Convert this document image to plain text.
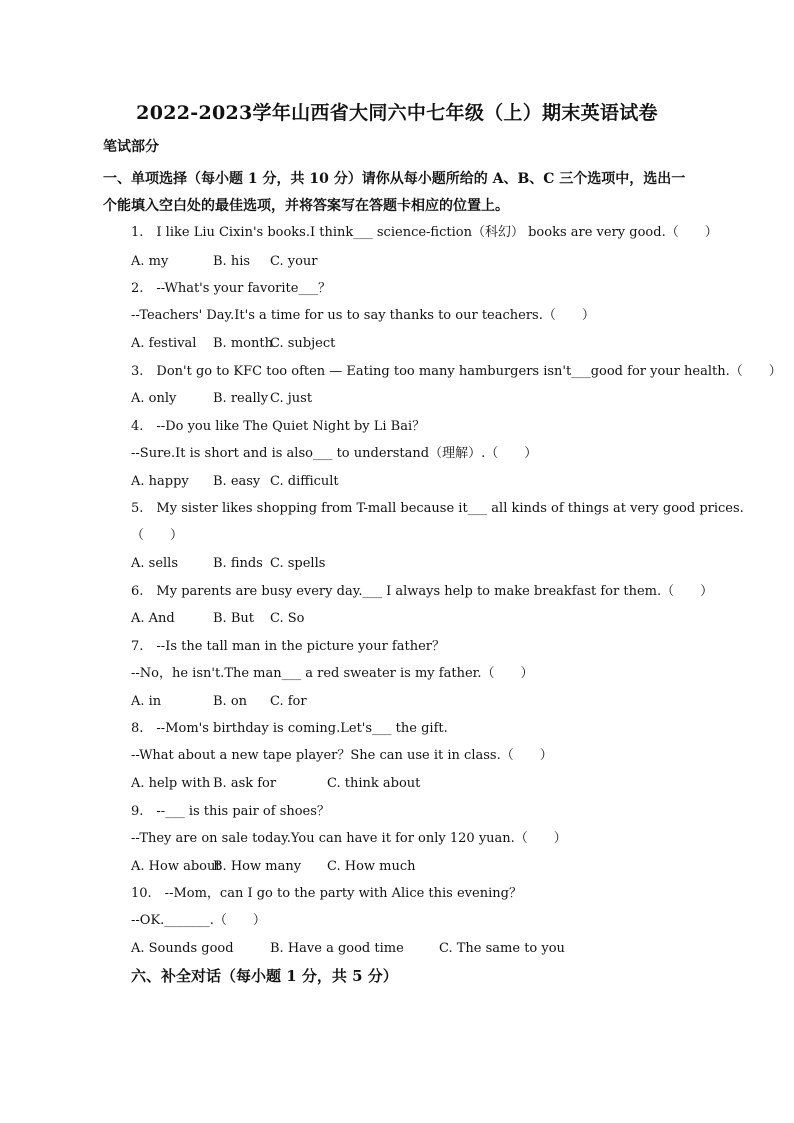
2022-2023学年山西省大同六中七年级（上）期末英语试卷
笔试部分
一、单项选择（每小题 1 分，共 10 分）请你从每小题所给的 A、B、C 三个选项中，选出一
个能填入空白处的最佳选项，并将答案写在答题卡相应的位置上。
1.　I like Liu Cixin's books.I think___ science-fiction（科幻） books are very good.（　　）
A. my	B. his C. your
2.　--What's your favorite___？
--Teachers' Day.It's a time for us to say thanks to our teachers.（　　）
A. festival B. month
C. subject
3.　Don't go to KFC too often — Eating too many hamburgers isn't___good for your health.（　　）
A. only	B. really C. just
4.　--Do you like The Quiet Night by Li Bai？
--Sure.It is short and is also___ to understand（理解）.（　　）
A. happy B. easy C. difficult
5.　My sister likes shopping from T-mall because it___ all kinds of things at very good prices.
（　　）
A. sells	B. finds C. spells
6.　My parents are busy every day.___ I always help to make breakfast for them.（　　）
A. And	B. But C. So
7.　--Is the tall man in the picture your father？
--No，he isn't.The man___ a red sweater is my father.（　　）
A. in	B. on C. for
8.　--Mom's birthday is coming.Let's___ the gift.
--What about a new tape player？She can use it in class.（　　）
A. help with B. ask for	C. think about
9.　--___ is this pair of shoes？
--They are on sale today.You can have it for only 120 yuan.（　　）
A. How about
B. How many C. How much
10.　--Mom，can I go to the party with Alice this evening？
--OK._______.（　　）
A. Sounds good	B. Have a good time	C. The same to you
六、补全对话（每小题 1 分，共 5 分）
